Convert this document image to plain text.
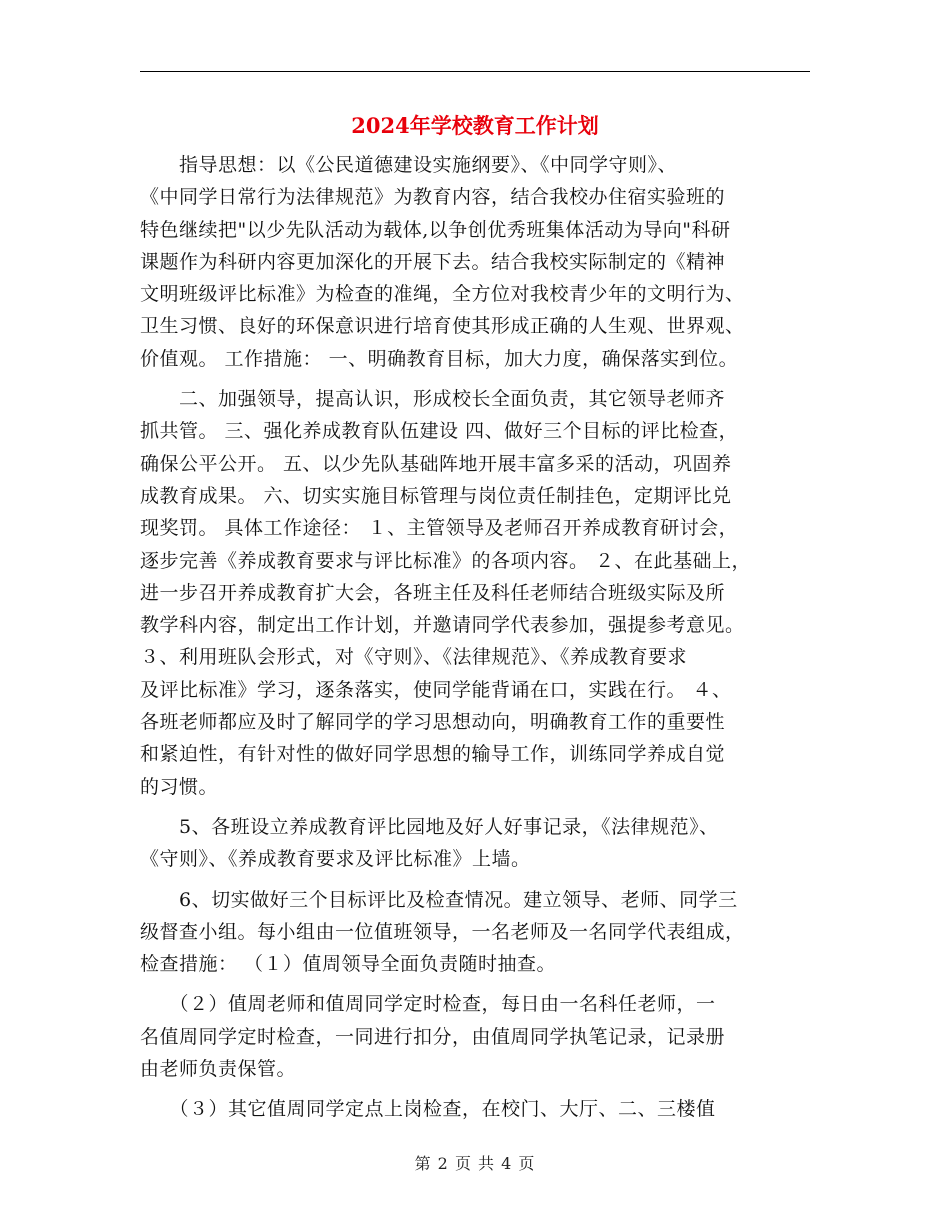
2024年学校教育工作计划

　　指导思想：以《公民道德建设实施纲要》、《中同学守则》、
《中同学日常行为法律规范》为教育内容，结合我校办住宿实验班的
特色继续把"以少先队活动为载体,以争创优秀班集体活动为导向"科研
课题作为科研内容更加深化的开展下去。结合我校实际制定的《精神
文明班级评比标准》为检查的准绳，全方位对我校青少年的文明行为、
卫生习惯、良好的环保意识进行培育使其形成正确的人生观、世界观、
价值观。 工作措施： 一、明确教育目标，加大力度，确保落实到位。

　　二、加强领导，提高认识，形成校长全面负责，其它领导老师齐
抓共管。 三、强化养成教育队伍建设 四、做好三个目标的评比检查，
确保公平公开。 五、以少先队基础阵地开展丰富多采的活动，巩固养
成教育成果。 六、切实实施目标管理与岗位责任制挂色，定期评比兑
现奖罚。 具体工作途径： １、主管领导及老师召开养成教育研讨会，
逐步完善《养成教育要求与评比标准》的各项内容。 ２、在此基础上，
进一步召开养成教育扩大会，各班主任及科任老师结合班级实际及所
教学科内容，制定出工作计划，并邀请同学代表参加，强提参考意见。
３、利用班队会形式，对《守则》、《法律规范》、《养成教育要求
及评比标准》学习，逐条落实，使同学能背诵在口，实践在行。 ４、
各班老师都应及时了解同学的学习思想动向，明确教育工作的重要性
和紧迫性，有针对性的做好同学思想的输导工作，训练同学养成自觉
的习惯。

　　5、各班设立养成教育评比园地及好人好事记录，《法律规范》、
《守则》、《养成教育要求及评比标准》上墙。

　　6、切实做好三个目标评比及检查情况。建立领导、老师、同学三
级督查小组。每小组由一位值班领导，一名老师及一名同学代表组成，
检查措施： （１）值周领导全面负责随时抽查。

　　（２）值周老师和值周同学定时检查，每日由一名科任老师，一
名值周同学定时检查，一同进行扣分，由值周同学执笔记录，记录册
由老师负责保管。

　　（３）其它值周同学定点上岗检查，在校门、大厅、二、三楼值

第 2 页 共 4 页
